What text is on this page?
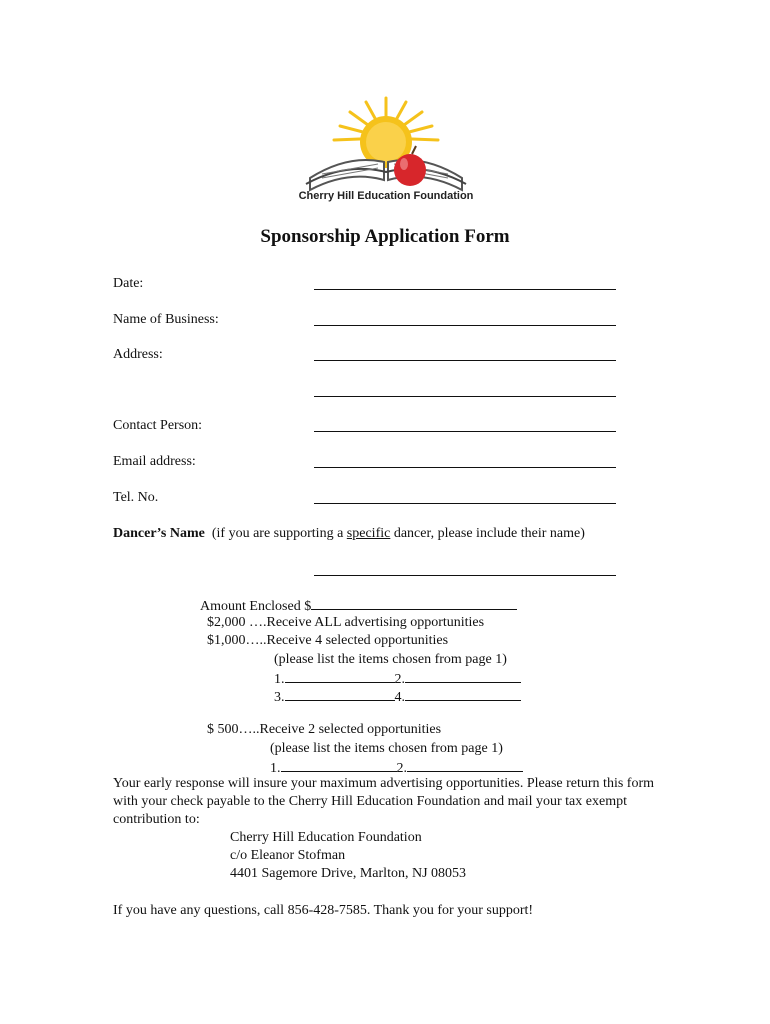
Cherry Hill Education Foundation
Sponsorship Application Form
Date:
Name of Business:
Address:
Contact Person:
Email address:
Tel. No.
Dancer’s Name (if you are supporting a specific dancer, please include their name)
Amount Enclosed $
$2,000 ….Receive ALL advertising opportunities
$1,000…..Receive 4 selected opportunities
(please list the items chosen from page 1)
1.	2.
3.	4.
$ 500…..Receive 2 selected opportunities
(please list the items chosen from page 1)
1.	2.
Your early response will insure your maximum advertising opportunities. Please return this form with your check payable to the Cherry Hill Education Foundation and mail your tax exempt contribution to:
Cherry Hill Education Foundation
c/o Eleanor Stofman
4401 Sagemore Drive, Marlton, NJ 08053
If you have any questions, call 856-428-7585. Thank you for your support!
